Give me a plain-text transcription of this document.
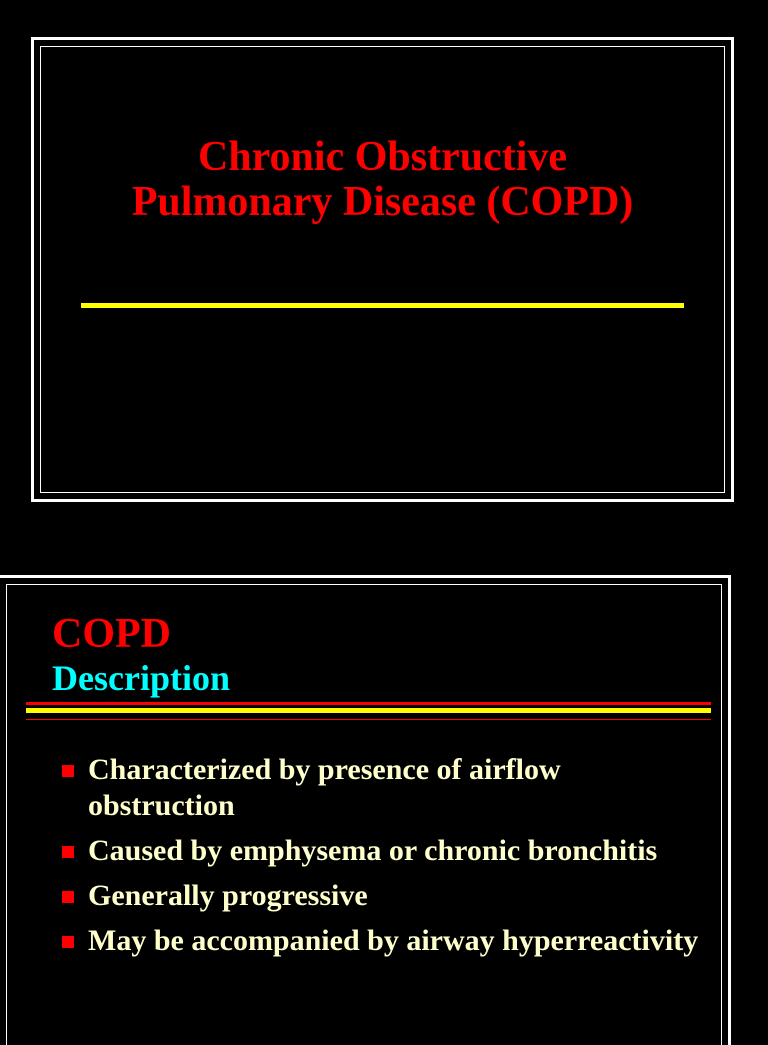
Chronic Obstructive
Pulmonary Disease (COPD)
COPD
Description
Characterized by presence of airflow obstruction
Caused by emphysema or chronic bronchitis
Generally progressive
May be accompanied by airway hyperreactivity
